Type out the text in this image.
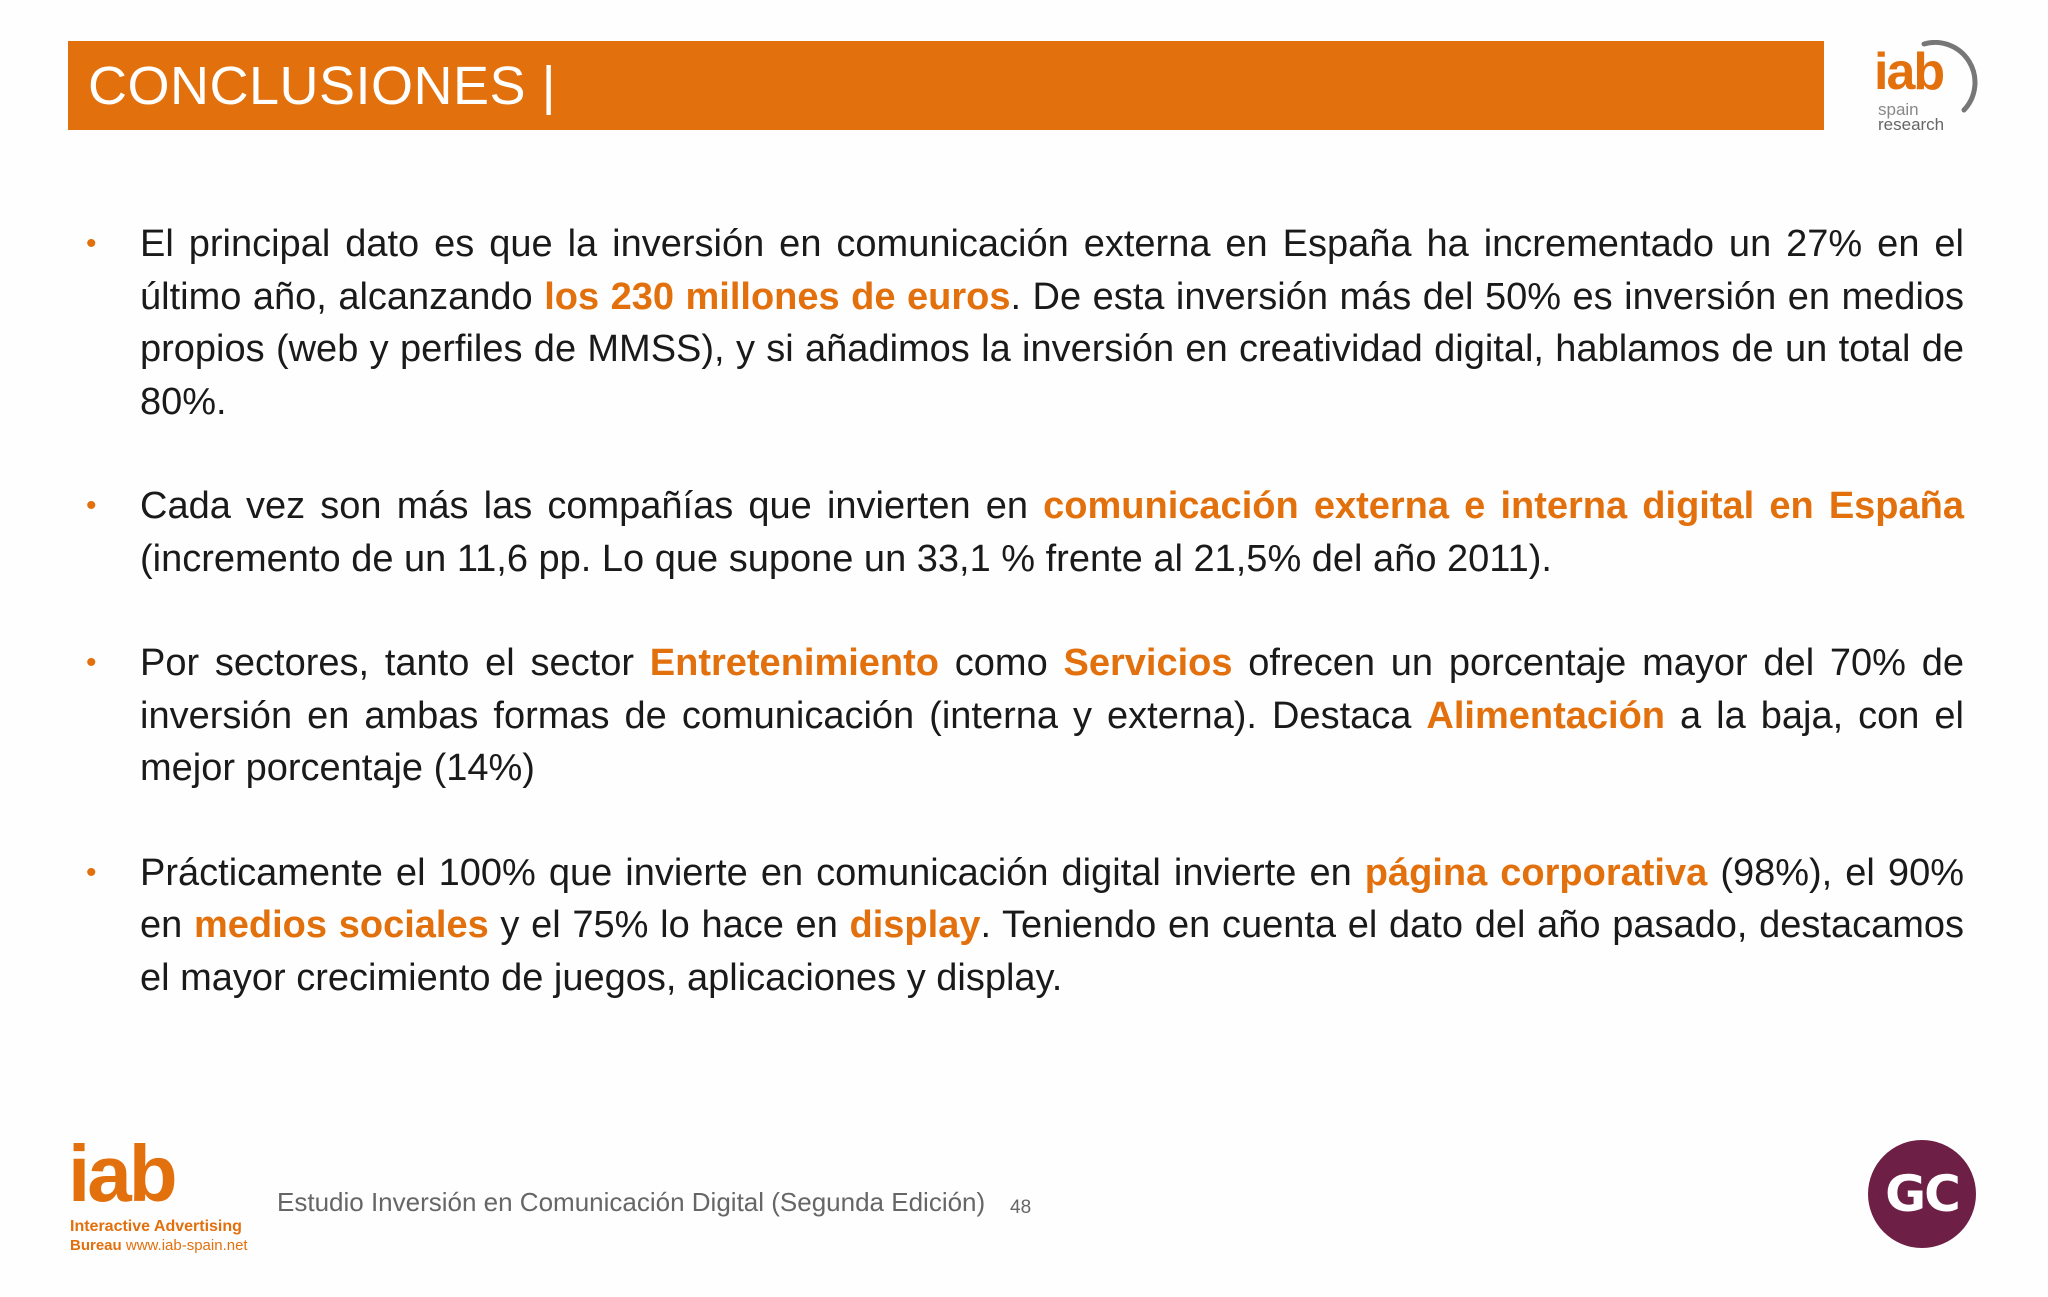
CONCLUSIONES |	iab
spain
research
• El principal dato es que la inversión en comunicación externa en España ha incrementado un 27% en el último año, alcanzando los 230 millones de euros. De esta inversión más del 50% es inversión en medios propios (web y perfiles de MMSS), y si añadimos la inversión en creatividad digital, hablamos de un total de 80%.
• Cada vez son más las compañías que invierten en comunicación externa e interna digital en España (incremento de un 11,6 pp. Lo que supone un 33,1 % frente al 21,5% del año 2011).
• Por sectores, tanto el sector Entretenimiento como Servicios ofrecen un porcentaje mayor del 70% de inversión en ambas formas de comunicación (interna y externa). Destaca Alimentación a la baja, con el mejor porcentaje (14%)
• Prácticamente el 100% que invierte en comunicación digital invierte en página corporativa (98%), el 90% en medios sociales y el 75% lo hace en display. Teniendo en cuenta el dato del año pasado, destacamos el mayor crecimiento de juegos, aplicaciones y display.
iab
Interactive Advertising
Bureau www.iab-spain.net
Estudio Inversión en Comunicación Digital (Segunda Edición) 48	GC
